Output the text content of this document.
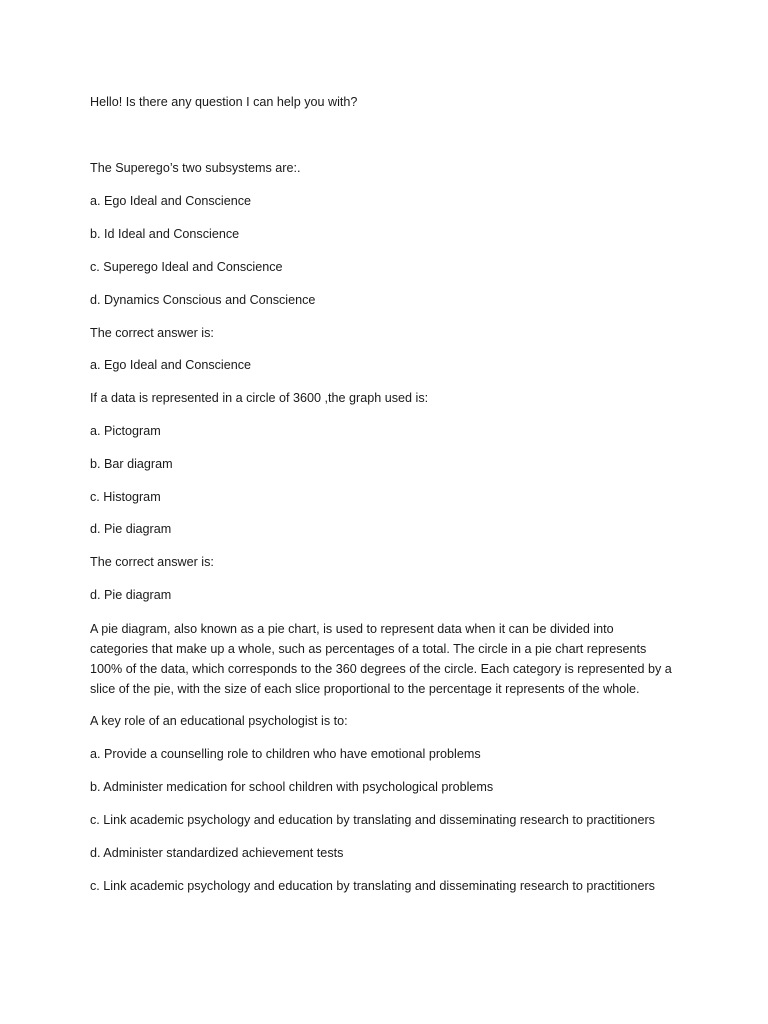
Hello! Is there any question I can help you with?

The Superego’s two subsystems are:.

a. Ego Ideal and Conscience

b. Id Ideal and Conscience

c. Superego Ideal and Conscience

d. Dynamics Conscious and Conscience

The correct answer is:

a. Ego Ideal and Conscience

If a data is represented in a circle of 3600 ,the graph used is:

a. Pictogram

b. Bar diagram

c. Histogram

d. Pie diagram

The correct answer is:

d. Pie diagram

A pie diagram, also known as a pie chart, is used to represent data when it can be divided into categories that make up a whole, such as percentages of a total. The circle in a pie chart represents 100% of the data, which corresponds to the 360 degrees of the circle. Each category is represented by a slice of the pie, with the size of each slice proportional to the percentage it represents of the whole.

A key role of an educational psychologist is to:

a. Provide a counselling role to children who have emotional problems

b. Administer medication for school children with psychological problems

c. Link academic psychology and education by translating and disseminating research to practitioners

d. Administer standardized achievement tests

c. Link academic psychology and education by translating and disseminating research to practitioners
